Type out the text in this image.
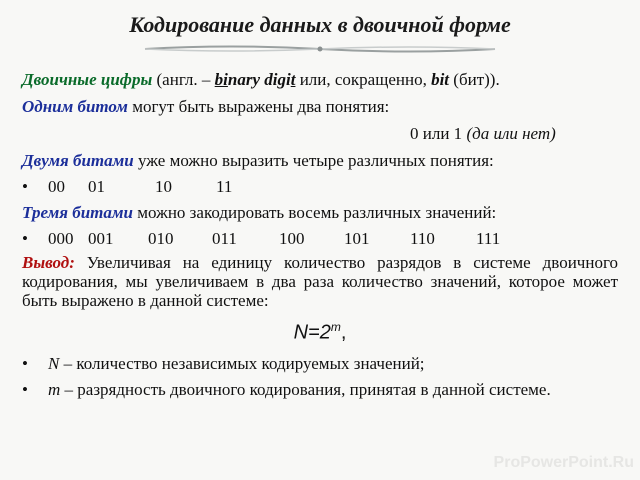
Кодирование данных в двоичной форме
Двоичные цифры (англ. – binary digit или, сокращенно, bit (бит)).
Одним битом могут быть выражены два понятия:
0 или 1 (да или нет)
Двумя битами уже можно выразить четыре различных понятия:
• 00 01	10	11
Тремя битами можно закодировать восемь различных значений:
• 000 001 010 011 100 101 110 111
Вывод: Увеличивая на единицу количество разрядов в системе двоичного кодирования, мы увеличиваем в два раза количество значений, которое может быть выражено в данной системе:
$N=2^m$,
• N – количество независимых кодируемых значений;
• m – разрядность двоичного кодирования, принятая в данной системе.
ProPowerPoint.Ru
